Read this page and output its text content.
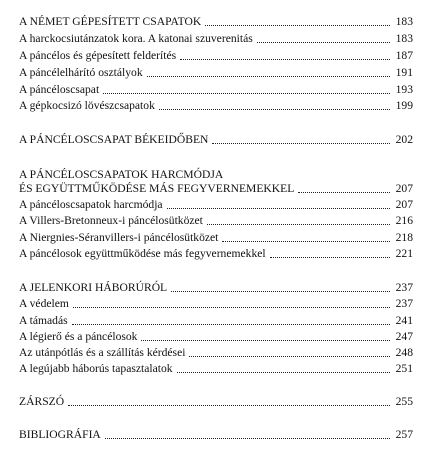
A NÉMET GÉPESÍTETT CSAPATOK	183
A harckocsiutánzatok kora. A katonai szuverenitás	183
A páncélos és gépesített felderítés	187
A páncélelhárító osztályok	191
A páncéloscsapat	193
A gépkocsizó lövészcsapatok	199
A PÁNCÉLOSCSAPAT BÉKEIDŐBEN	202
A PÁNCÉLOSCSAPATOK HARCMÓDJA
ÉS EGYÜTTMŰKÖDÉSE MÁS FEGYVERNEMEKKEL	207
A páncéloscsapatok harcmódja	207
A Villers-Bretonneux-i páncélosütközet	216
A Niergnies-Séranvillers-i páncélosütközet	218
A páncélosok együttműködése más fegyvernemekkel	221
A JELENKORI HÁBORÚRÓL	237
A védelem	237
A támadás	241
A légierő és a páncélosok	247
Az utánpótlás és a szállítás kérdései	248
A legújabb háborús tapasztalatok	251
ZÁRSZÓ	255
BIBLIOGRÁFIA	257
